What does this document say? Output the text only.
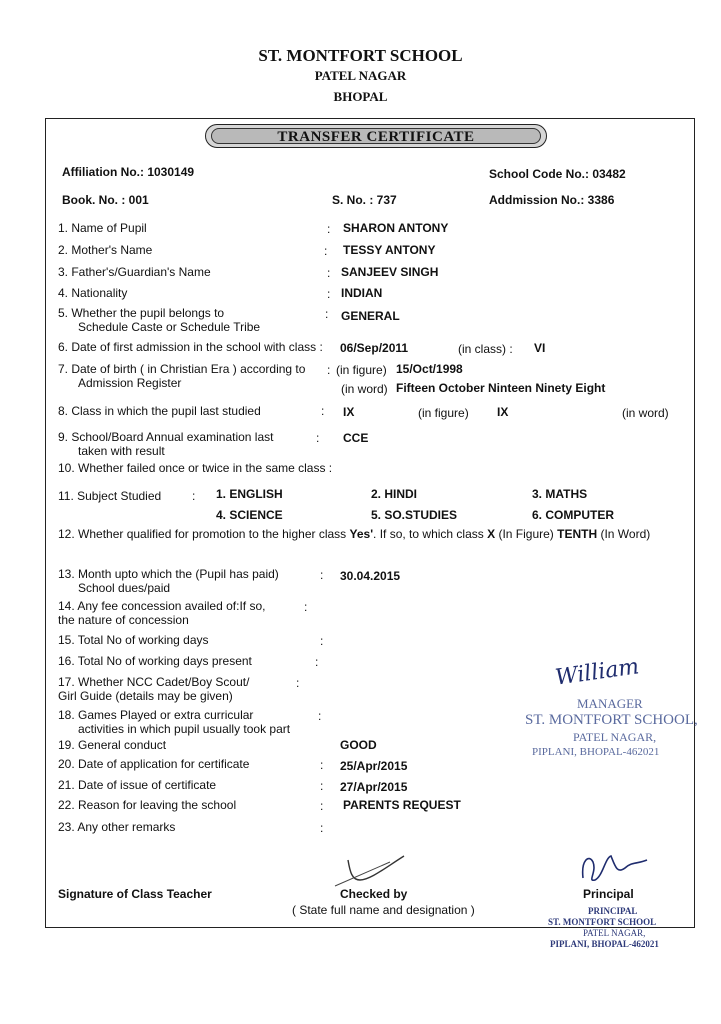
ST. MONTFORT SCHOOL
PATEL NAGAR
BHOPAL
TRANSFER CERTIFICATE
Affiliation No.: 1030149	School Code No.: 03482
Book. No. : 001	S. No. : 737	Addmission No.: 3386
1. Name of Pupil	: SHARON ANTONY
2. Mother's Name	: TESSY ANTONY
3. Father's/Guardian's Name	: SANJEEV SINGH
4. Nationality	: INDIAN
5. Whether the pupil belongs to
Schedule Caste or Schedule Tribe
: GENERAL
6. Date of first admission in the school with class : 06/Sep/2011	(in class) : VI
7. Date of birth ( in Christian Era ) according to
Admission Register
: (in figure) 15/Oct/1998
(in word) Fifteen October Ninteen Ninety Eight
8. Class in which the pupil last studied	: IX	(in figure) IX	(in word)
9. School/Board Annual examination last
taken with result
: CCE
10. Whether failed once or twice in the same class :
11. Subject Studied	: 1. ENGLISH	2. HINDI	3. MATHS
4. SCIENCE	5. SO.STUDIES	6. COMPUTER
12. Whether qualified for promotion to the higher class Yes'. If so, to which class X (In Figure) TENTH (In Word)
13. Month upto which the (Pupil has paid)
School dues/paid
: 30.04.2015
14. Any fee concession availed of:If so,
the nature of concession
:
15. Total No of working days	:
16. Total No of working days present	:
17. Whether NCC Cadet/Boy Scout/
Girl Guide (details may be given)
:
18. Games Played or extra curricular
activities in which pupil usually took part
:
19. General conduct	GOOD
20. Date of application for certificate	: 25/Apr/2015
21. Date of issue of certificate	: 27/Apr/2015
22. Reason for leaving the school	: PARENTS REQUEST
23. Any other remarks	:
William
MANAGER
ST. MONTFORT SCHOOL,
PATEL NAGAR,
PIPLANI, BHOPAL-462021
Signature of Class Teacher	Checked by
( State full name and designation )
Principal
PRINCIPAL
ST. MONTFORT SCHOOL
PATEL NAGAR,
PIPLANI, BHOPAL-462021
